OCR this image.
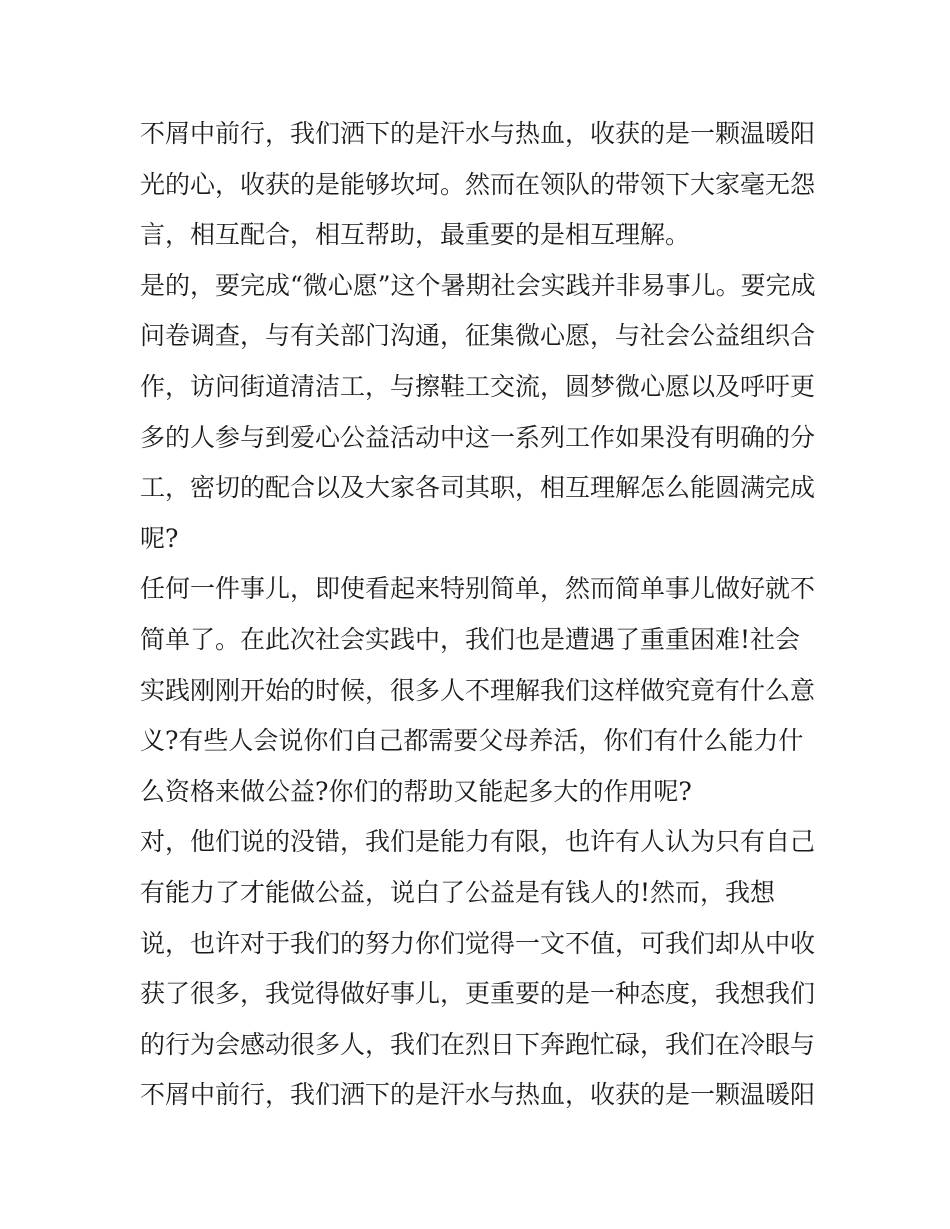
不屑中前行，我们洒下的是汗水与热血，收获的是一颗温暖阳
光的心，收获的是能够坎坷。然而在领队的带领下大家毫无怨
言，相互配合，相互帮助，最重要的是相互理解。
是的，要完成“微心愿”这个暑期社会实践并非易事儿。要完成
问卷调查，与有关部门沟通，征集微心愿，与社会公益组织合
作，访问街道清洁工，与擦鞋工交流，圆梦微心愿以及呼吁更
多的人参与到爱心公益活动中这一系列工作如果没有明确的分
工，密切的配合以及大家各司其职，相互理解怎么能圆满完成
呢?
任何一件事儿，即使看起来特别简单，然而简单事儿做好就不
简单了。在此次社会实践中，我们也是遭遇了重重困难!社会
实践刚刚开始的时候，很多人不理解我们这样做究竟有什么意
义?有些人会说你们自己都需要父母养活，你们有什么能力什
么资格来做公益?你们的帮助又能起多大的作用呢?
对，他们说的没错，我们是能力有限，也许有人认为只有自己
有能力了才能做公益，说白了公益是有钱人的!然而，我想
说，也许对于我们的努力你们觉得一文不值，可我们却从中收
获了很多，我觉得做好事儿，更重要的是一种态度，我想我们
的行为会感动很多人，我们在烈日下奔跑忙碌，我们在冷眼与
不屑中前行，我们洒下的是汗水与热血，收获的是一颗温暖阳
